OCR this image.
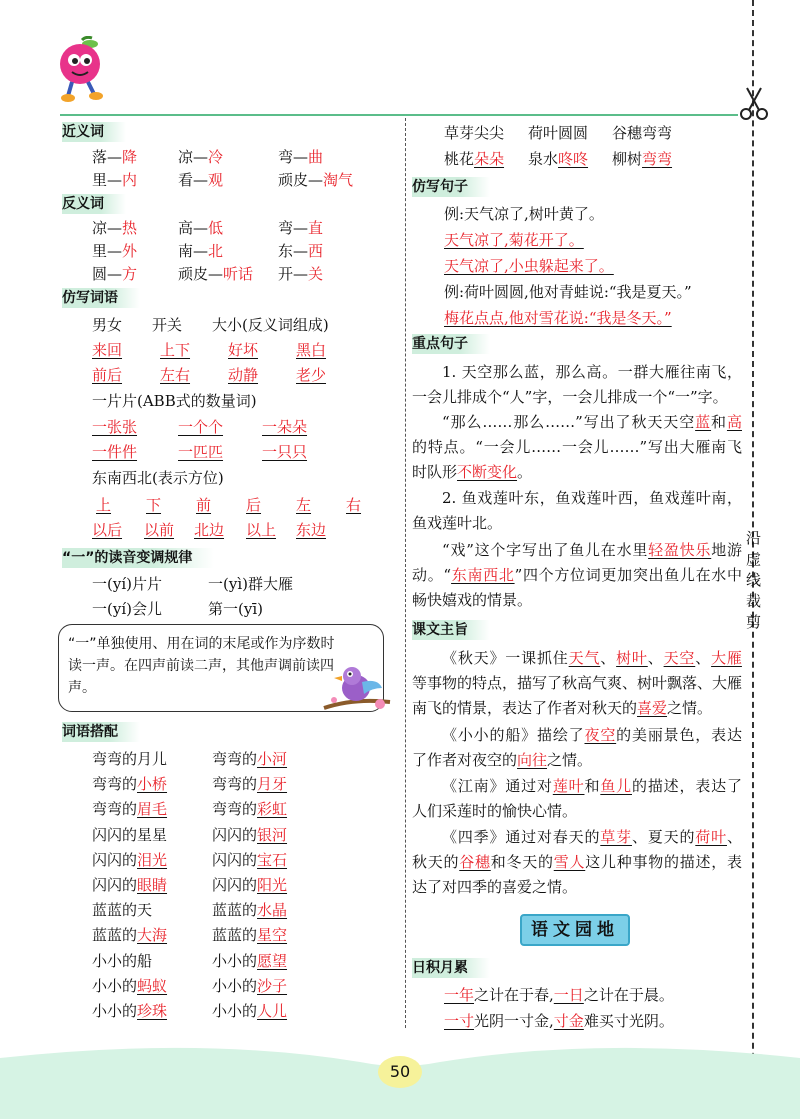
沿
虚
线
裁
剪
近义词
落—降	凉—冷	弯—曲
里—内	看—观	顽皮—淘气
反义词
凉—热	高—低	弯—直
里—外	南—北	东—西
圆—方	顽皮—听话 开—关
仿写词语
男女　　开关　　大小(反义词组成)
来回	上下	好坏	黑白
前后	左右	动静	老少
一片片(ABB式的数量词)
一张张	一个个	一朵朵
一件件	一匹匹	一只只
东南西北(表示方位)
上 下 前 后 左 右
以后 以前 北边 以上 东边
“一”的读音变调规律
一(yí)片片	一(yì)群大雁
一(yí)会儿	第一(yī)
“一”单独使用、用在词的末尾或作为序数时读一声。在四声前读二声，其他声调前读四声。
词语搭配
弯弯的月儿	弯弯的小河
弯弯的小桥	弯弯的月牙
弯弯的眉毛	弯弯的彩虹
闪闪的星星	闪闪的银河
闪闪的泪光	闪闪的宝石
闪闪的眼睛	闪闪的阳光
蓝蓝的天	蓝蓝的水晶
蓝蓝的大海	蓝蓝的星空
小小的船	小小的愿望
小小的蚂蚁	小小的沙子
小小的珍珠	小小的人儿
草芽尖尖 荷叶圆圆 谷穗弯弯
桃花朵朵 泉水咚咚 柳树弯弯
仿写句子
例:天气凉了,树叶黄了。
天气凉了,菊花开了。
天气凉了,小虫躲起来了。
例:荷叶圆圆,他对青蛙说:“我是夏天。”
梅花点点,他对雪花说:“我是冬天。”
重点句子
1. 天空那么蓝，那么高。一群大雁往南飞，一会儿排成个“人”字，一会儿排成一个“一”字。
“那么……那么……”写出了秋天天空蓝和高的特点。“一会儿……一会儿……”写出大雁南飞时队形不断变化。
2. 鱼戏莲叶东，鱼戏莲叶西，鱼戏莲叶南，鱼戏莲叶北。
“戏”这个字写出了鱼儿在水里轻盈快乐地游动。“东南西北”四个方位词更加突出鱼儿在水中畅快嬉戏的情景。
课文主旨
《秋天》一课抓住天气、树叶、天空、大雁等事物的特点，描写了秋高气爽、树叶飘落、大雁南飞的情景，表达了作者对秋天的喜爱之情。
《小小的船》描绘了夜空的美丽景色，表达了作者对夜空的向往之情。
《江南》通过对莲叶和鱼儿的描述，表达了人们采莲时的愉快心情。
《四季》通过对春天的草芽、夏天的荷叶、秋天的谷穗和冬天的雪人这儿种事物的描述，表达了对四季的喜爱之情。
语文园地
日积月累
一年之计在于春,一日之计在于晨。
一寸光阴一寸金,寸金难买寸光阴。
50
